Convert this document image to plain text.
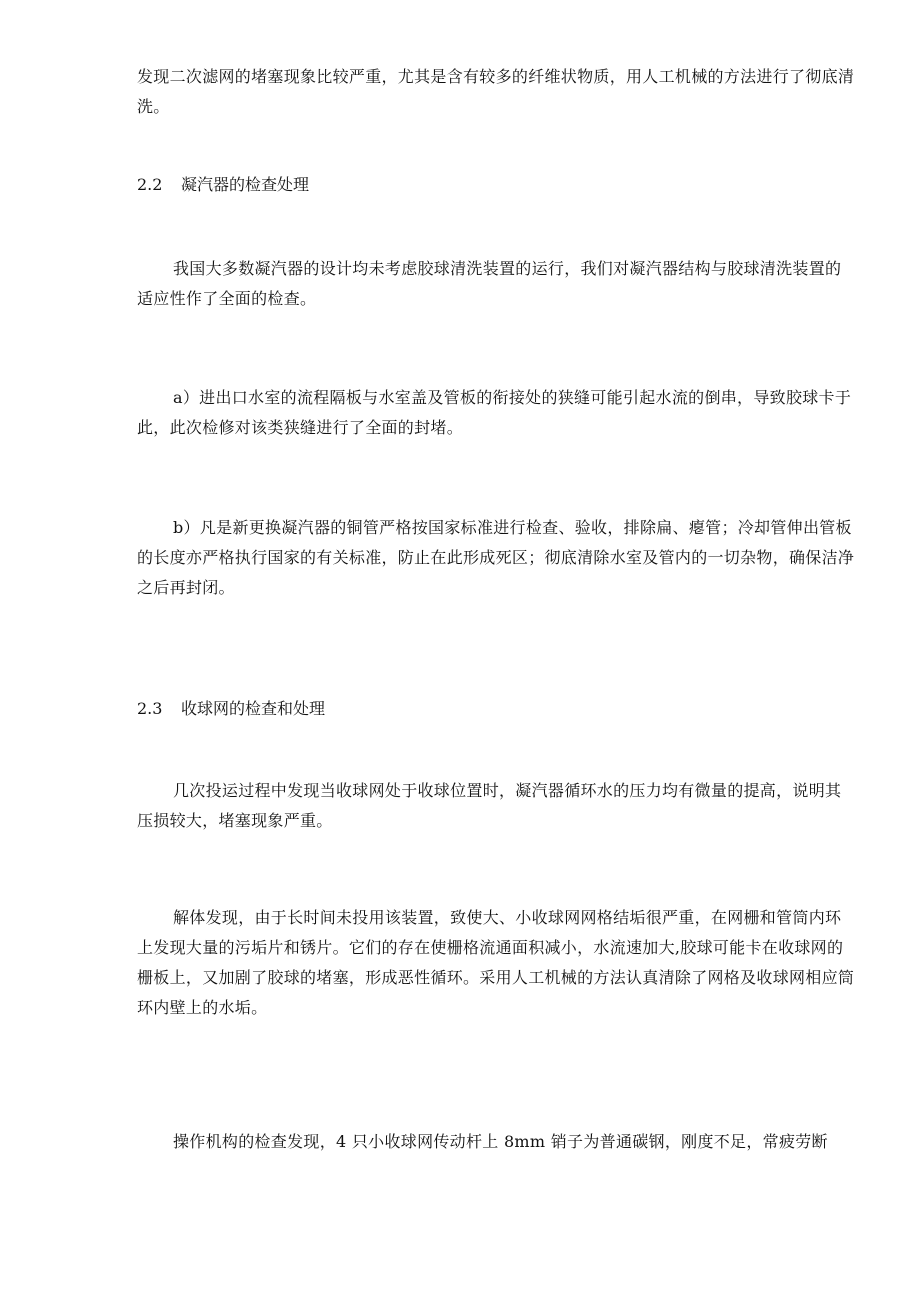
发现二次滤网的堵塞现象比较严重，尤其是含有较多的纤维状物质，用人工机械的方法进行了彻底清洗。

2.2 凝汽器的检查处理

我国大多数凝汽器的设计均未考虑胶球清洗装置的运行，我们对凝汽器结构与胶球清洗装置的适应性作了全面的检查。

a）进出口水室的流程隔板与水室盖及管板的衔接处的狭缝可能引起水流的倒串，导致胶球卡于此，此次检修对该类狭缝进行了全面的封堵。

b）凡是新更换凝汽器的铜管严格按国家标准进行检查、验收，排除扁、瘪管；冷却管伸出管板的长度亦严格执行国家的有关标准，防止在此形成死区；彻底清除水室及管内的一切杂物，确保洁净之后再封闭。

2.3 收球网的检查和处理

几次投运过程中发现当收球网处于收球位置时，凝汽器循环水的压力均有微量的提高，说明其压损较大，堵塞现象严重。

解体发现，由于长时间未投用该装置，致使大、小收球网网格结垢很严重，在网栅和管筒内环上发现大量的污垢片和锈片。它们的存在使栅格流通面积减小，水流速加大,胶球可能卡在收球网的栅板上，又加剧了胶球的堵塞，形成恶性循环。采用人工机械的方法认真清除了网格及收球网相应筒环内壁上的水垢。

操作机构的检查发现，4 只小收球网传动杆上 8mm 销子为普通碳钢，刚度不足，常疲劳断
